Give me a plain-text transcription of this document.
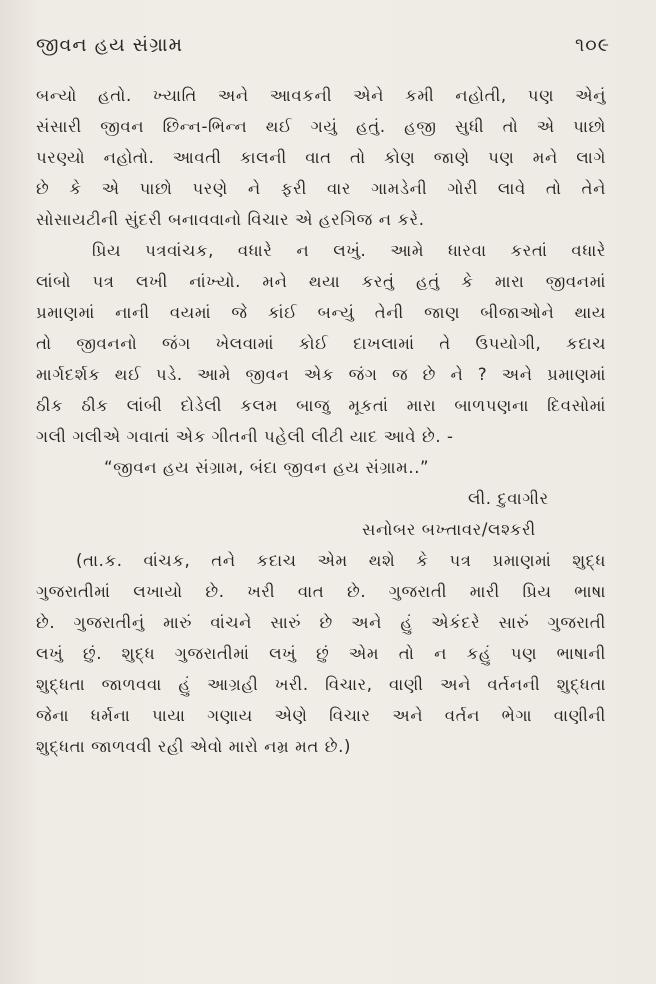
જીવન હય સંગ્રામ	૧૦૯
બન્યો હતો. ખ્યાતિ અને આવકની એને કમી નહોતી, પણ એનું
સંસારી જીવન છિન્ન-ભિન્ન થઈ ગયું હતું. હજી સુધી તો એ પાછો
પરણ્યો નહોતો. આવતી કાલની વાત તો કોણ જાણે પણ મને લાગે
છે કે એ પાછો પરણે ને ફરી વાર ગામડેની ગોરી લાવે તો તેને
સોસાયટીની સુંદરી બનાવવાનો વિચાર એ હરગિજ ન કરે.
પ્રિય પત્રવાંચક, વધારે ન લખું. આમે ધારવા કરતાં વધારે
લાંબો પત્ર લખી નાંખ્યો. મને થયા કરતું હતું કે મારા જીવનમાં
પ્રમાણમાં નાની વયમાં જે કાંઈ બન્યું તેની જાણ બીજાઓને થાય
તો જીવનનો જંગ ખેલવામાં કોઈ દાખલામાં તે ઉપયોગી, કદાચ
માર્ગદર્શક થઈ પડે. આમે જીવન એક જંગ જ છે ને ? અને પ્રમાણમાં
ઠીક ઠીક લાંબી દોડેલી કલમ બાજુ મૂકતાં મારા બાળપણના દિવસોમાં
ગલી ગલીએ ગવાતાં એક ગીતની પહેલી લીટી યાદ આવે છે. -
“જીવન હય સંગ્રામ, બંદા જીવન હય સંગ્રામ..”
લી. દુવાગીર
સનોબર બખ્તાવર/લશ્કરી
(તા.ક. વાંચક, તને કદાચ એમ થશે કે પત્ર પ્રમાણમાં શુદ્ધ
ગુજરાતીમાં લખાયો છે. ખરી વાત છે. ગુજરાતી મારી પ્રિય ભાષા
છે. ગુજરાતીનું મારું વાંચને સારું છે અને હું એકંદરે સારું ગુજરાતી
લખું છું. શુદ્ધ ગુજરાતીમાં લખું છું એમ તો ન કહું પણ ભાષાની
શુદ્ધતા જાળવવા હું આગ્રહી ખરી. વિચાર, વાણી અને વર્તનની શુદ્ધતા
જેના ધર્મના પાયા ગણાય એણે વિચાર અને વર્તન ભેગા વાણીની
શુદ્ધતા જાળવવી રહી એવો મારો નમ્ર મત છે.)
